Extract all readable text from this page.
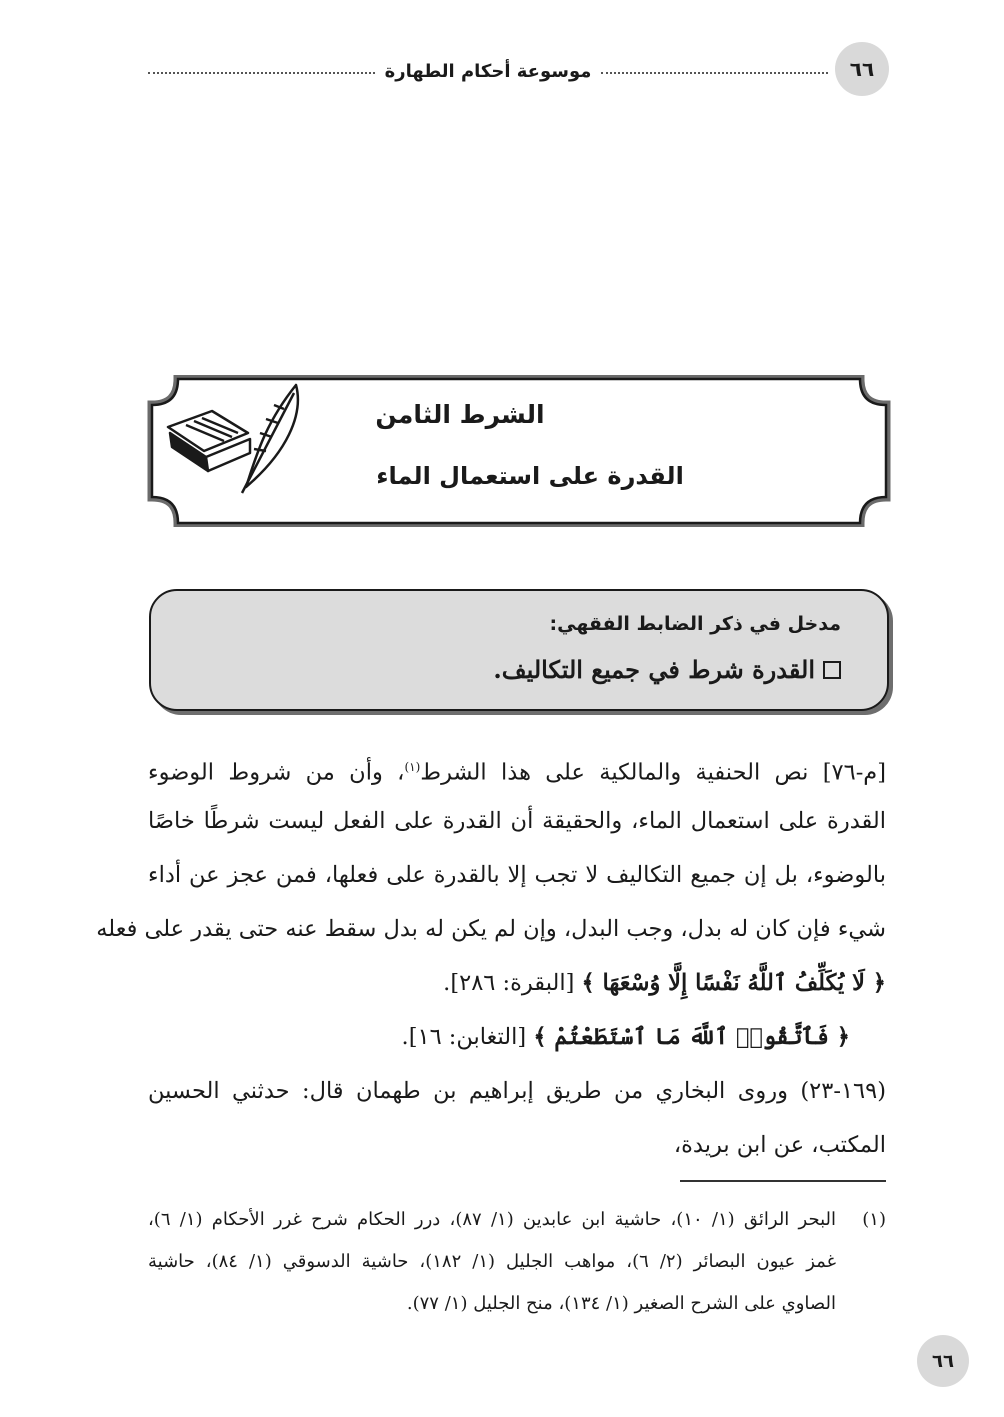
٦٦
موسوعة أحكام الطهارة
الشرط الثامن
القدرة على استعمال الماء
مدخل في ذكر الضابط الفقهي:
القدرة شرط في جميع التكاليف.
[م-٧٦] نص الحنفية والمالكية على هذا الشرط$^{(١)}$، وأن من شروط الوضوء
القدرة على استعمال الماء، والحقيقة أن القدرة على الفعل ليست شرطًا خاصًا
بالوضوء، بل إن جميع التكاليف لا تجب إلا بالقدرة على فعلها، فمن عجز عن أداء
شيء فإن كان له بدل، وجب البدل، وإن لم يكن له بدل سقط عنه حتى يقدر على فعله
﴿ لَا يُكَلِّفُ ٱللَّهُ نَفْسًا إِلَّا وُسْعَهَا ﴾ [البقرة: ٢٨٦].
﴿ فَٱتَّقُوا۟ ٱللَّهَ مَا ٱسْتَطَعْتُمْ ﴾ [التغابن: ١٦].
(١٦٩-٢٣) وروى البخاري من طريق إبراهيم بن طهمان قال: حدثني الحسين
المكتب، عن ابن بريدة،
(١)
البحر الرائق (١/ ١٠)، حاشية ابن عابدين (١/ ٨٧)، درر الحكام شرح غرر الأحكام (١/ ٦)،
غمز عيون البصائر (٢/ ٦)، مواهب الجليل (١/ ١٨٢)، حاشية الدسوقي (١/ ٨٤)، حاشية
الصاوي على الشرح الصغير (١/ ١٣٤)، منح الجليل (١/ ٧٧).
٦٦
